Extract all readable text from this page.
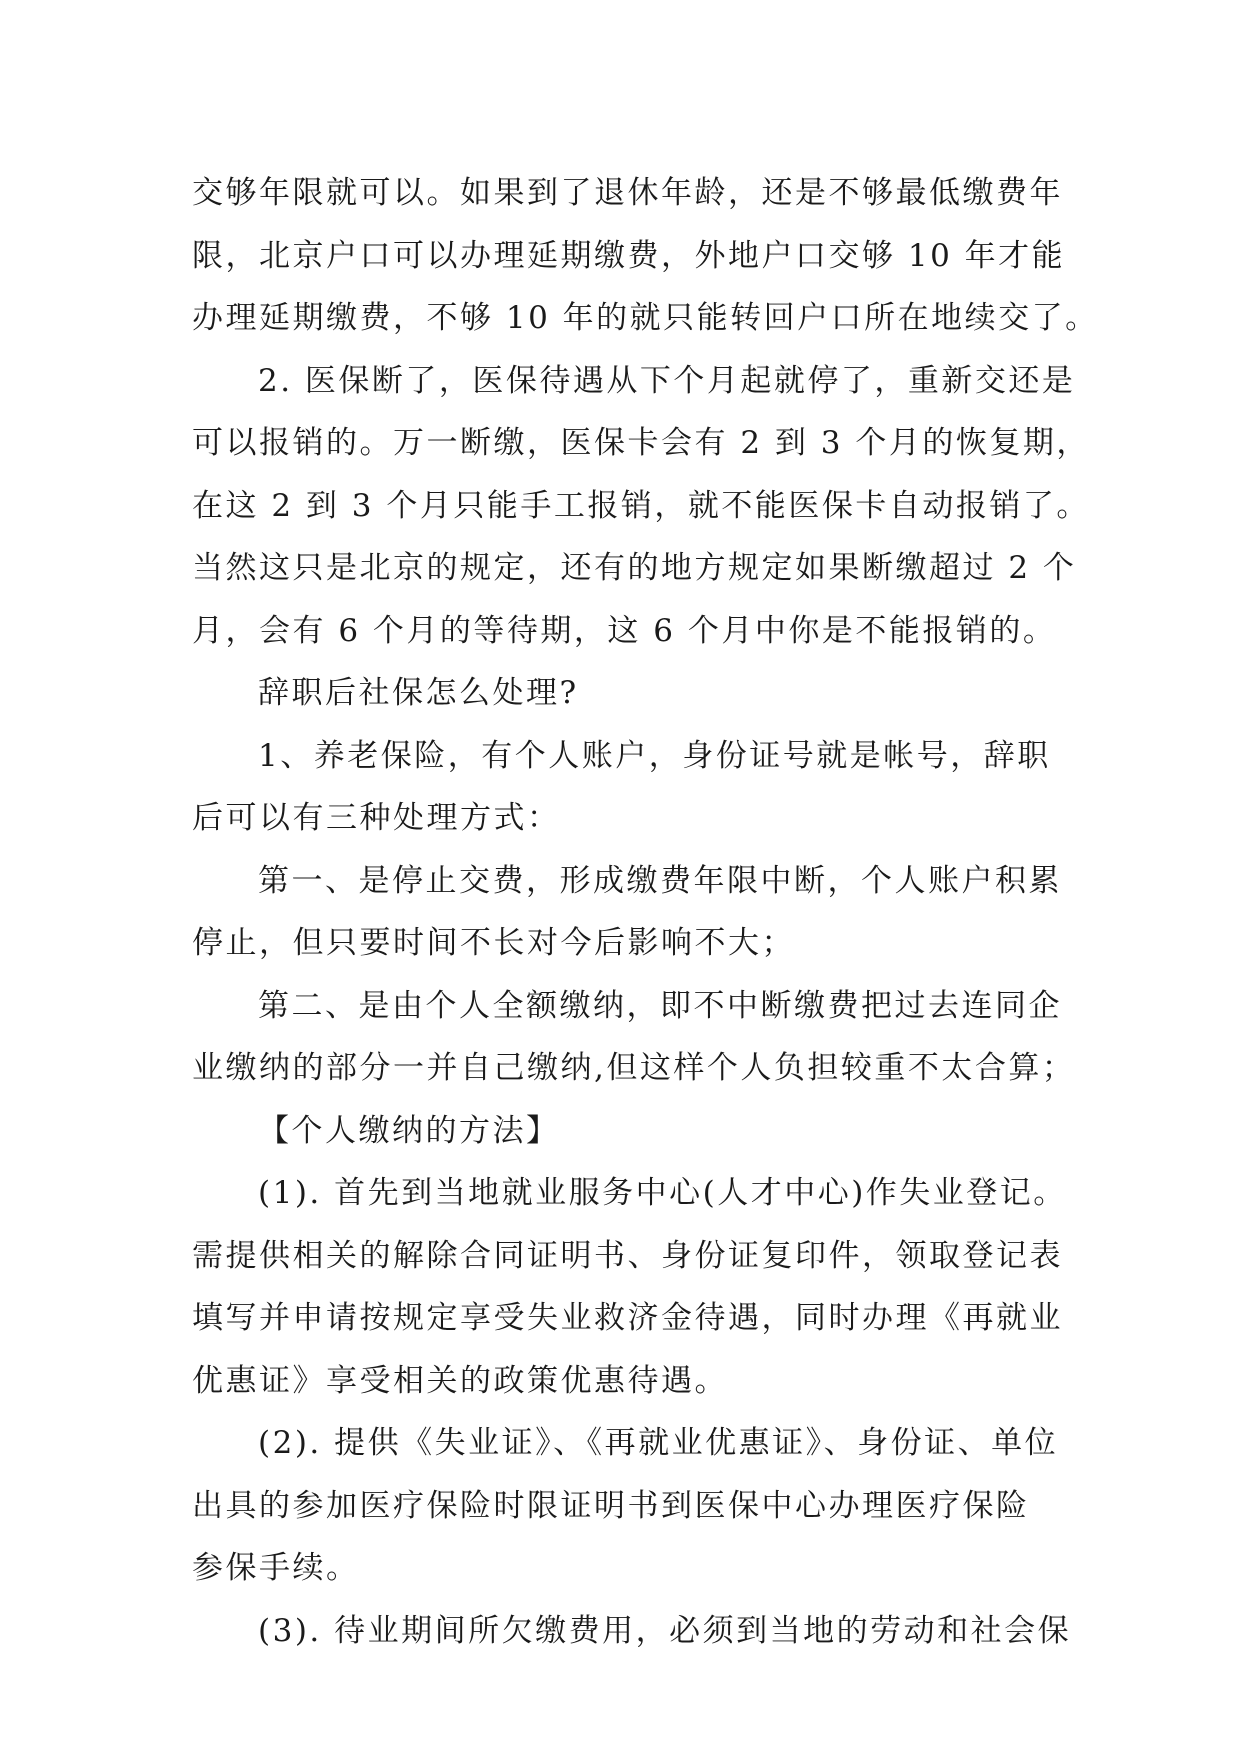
交够年限就可以。如果到了退休年龄，还是不够最低缴费年
限，北京户口可以办理延期缴费，外地户口交够 10 年才能
办理延期缴费，不够 10 年的就只能转回户口所在地续交了。
2. 医保断了，医保待遇从下个月起就停了，重新交还是
可以报销的。万一断缴，医保卡会有 2 到 3 个月的恢复期，
在这 2 到 3 个月只能手工报销，就不能医保卡自动报销了。
当然这只是北京的规定，还有的地方规定如果断缴超过 2 个
月，会有 6 个月的等待期，这 6 个月中你是不能报销的。
辞职后社保怎么处理?
1、养老保险，有个人账户，身份证号就是帐号，辞职
后可以有三种处理方式：
第一、是停止交费，形成缴费年限中断，个人账户积累
停止，但只要时间不长对今后影响不大；
第二、是由个人全额缴纳，即不中断缴费把过去连同企
业缴纳的部分一并自己缴纳,但这样个人负担较重不太合算；
【个人缴纳的方法】
(1). 首先到当地就业服务中心(人才中心)作失业登记。
需提供相关的解除合同证明书、身份证复印件，领取登记表
填写并申请按规定享受失业救济金待遇，同时办理《再就业
优惠证》享受相关的政策优惠待遇。
(2). 提供《失业证》、《再就业优惠证》、身份证、单位
出具的参加医疗保险时限证明书到医保中心办理医疗保险
参保手续。
(3). 待业期间所欠缴费用，必须到当地的劳动和社会保
